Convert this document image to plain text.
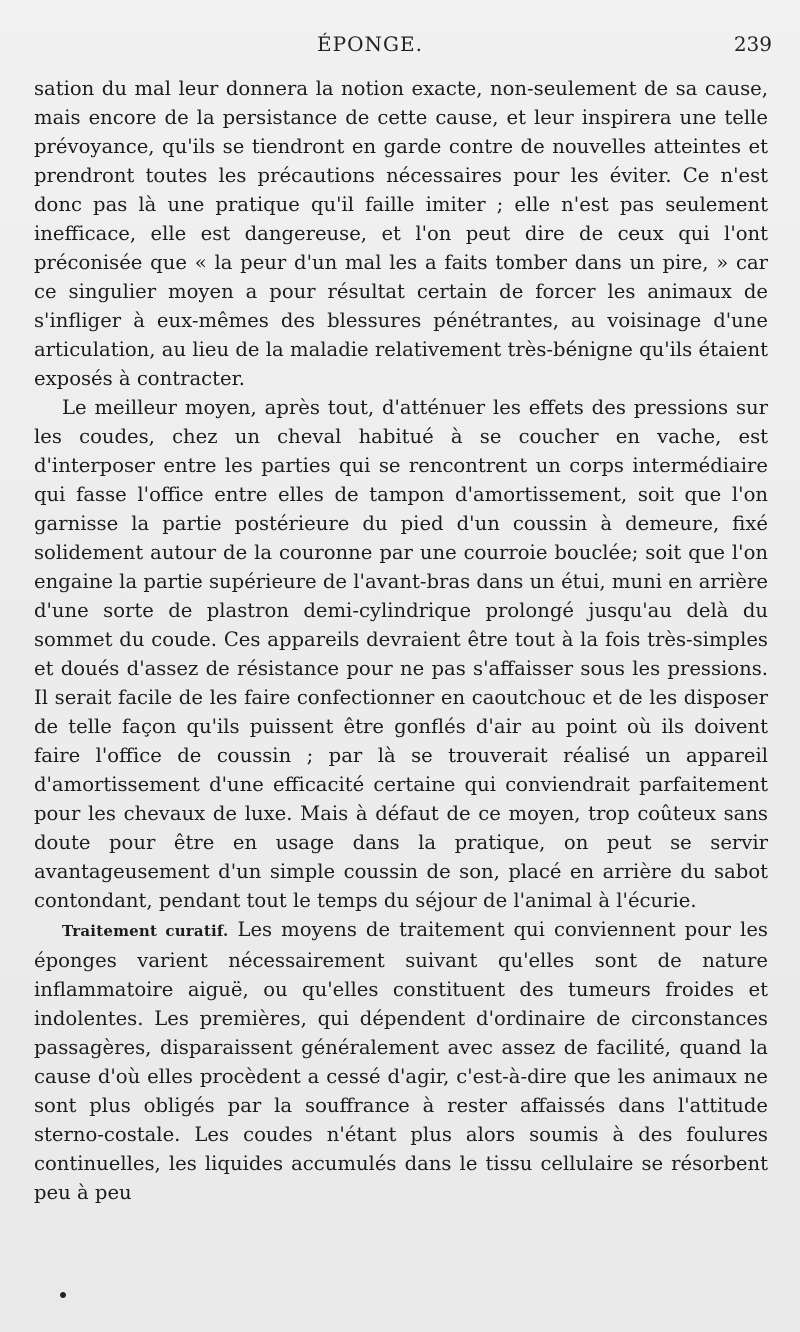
ÉPONGE.	239

sation du mal leur donnera la notion exacte, non-seulement de sa cause, mais encore de la persistance de cette cause, et leur inspirera une telle prévoyance, qu'ils se tiendront en garde contre de nouvelles atteintes et prendront toutes les précautions nécessaires pour les éviter. Ce n'est donc pas là une pratique qu'il faille imiter ; elle n'est pas seulement inefficace, elle est dangereuse, et l'on peut dire de ceux qui l'ont préconisée que « la peur d'un mal les a faits tomber dans un pire, » car ce singulier moyen a pour résultat certain de forcer les animaux de s'infliger à eux-mêmes des blessures pénétrantes, au voisinage d'une articulation, au lieu de la maladie relativement très-bénigne qu'ils étaient exposés à contracter.

Le meilleur moyen, après tout, d'atténuer les effets des pressions sur les coudes, chez un cheval habitué à se coucher en vache, est d'interposer entre les parties qui se rencontrent un corps intermédiaire qui fasse l'office entre elles de tampon d'amortissement, soit que l'on garnisse la partie postérieure du pied d'un coussin à demeure, fixé solidement autour de la couronne par une courroie bouclée; soit que l'on engaine la partie supérieure de l'avant-bras dans un étui, muni en arrière d'une sorte de plastron demi-cylindrique prolongé jusqu'au delà du sommet du coude. Ces appareils devraient être tout à la fois très-simples et doués d'assez de résistance pour ne pas s'affaisser sous les pressions. Il serait facile de les faire confectionner en caoutchouc et de les disposer de telle façon qu'ils puissent être gonflés d'air au point où ils doivent faire l'office de coussin ; par là se trouverait réalisé un appareil d'amortissement d'une efficacité certaine qui conviendrait parfaitement pour les chevaux de luxe. Mais à défaut de ce moyen, trop coûteux sans doute pour être en usage dans la pratique, on peut se servir avantageusement d'un simple coussin de son, placé en arrière du sabot contondant, pendant tout le temps du séjour de l'animal à l'écurie.

Traitement curatif. Les moyens de traitement qui conviennent pour les éponges varient nécessairement suivant qu'elles sont de nature inflammatoire aiguë, ou qu'elles constituent des tumeurs froides et indolentes. Les premières, qui dépendent d'ordinaire de circonstances passagères, disparaissent généralement avec assez de facilité, quand la cause d'où elles procèdent a cessé d'agir, c'est-à-dire que les animaux ne sont plus obligés par la souffrance à rester affaissés dans l'attitude sterno-costale. Les coudes n'étant plus alors soumis à des foulures continuelles, les liquides accumulés dans le tissu cellulaire se résorbent peu à peu
